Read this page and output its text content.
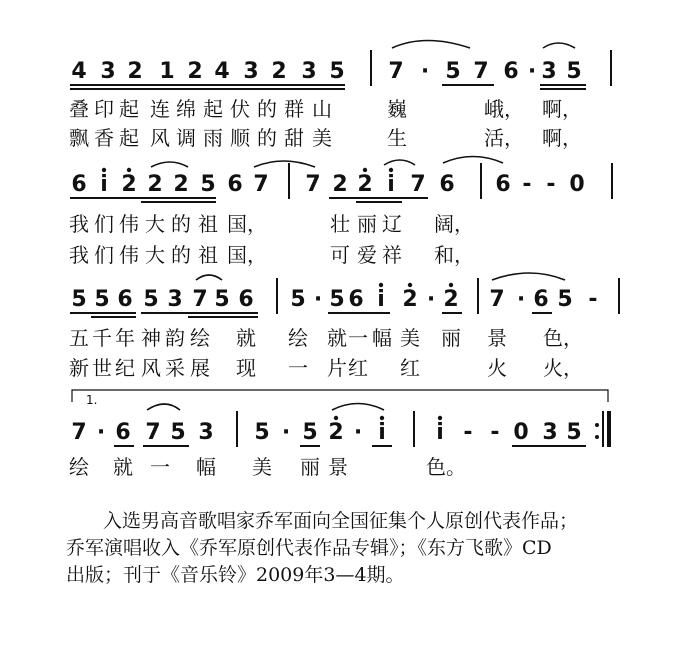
4 3 2 1 2 4 3 2 3 5 7 · 5 7 6 · 3 5
叠 印 起 连 绵 起 伏 的 群 山	巍	峨， 啊，
飘 香 起 风 调 雨 顺 的 甜 美	生	活， 啊，
6 i 2 2 2 5 6 7 7 2 2 i 7 6 6 - - 0
我 们 伟 大 的 祖 国，	壮 丽 辽 阔，
我 们 伟 大 的 祖 国，	可 爱 祥 和，
5 5 6 5 3 7 5 6 5 · 5 6 i 2 · 2 7 · 6 5 -
五 千 年 神 韵 绘 就 绘 就 一 幅 美 丽 景 色，
新 世 纪 风 采 展 现 一 片 红 红	火 火，
1.
7 · 6 7 5 3 5 · 5 2 · i i - - 0 3 5
绘 就 一 幅 美 丽 景	色。
入选男高音歌唱家乔军面向全国征集个人原创代表作品；
乔军演唱收入《乔军原创代表作品专辑》；《东方飞歌》CD
出版；刊于《音乐铃》2009年3—4期。
